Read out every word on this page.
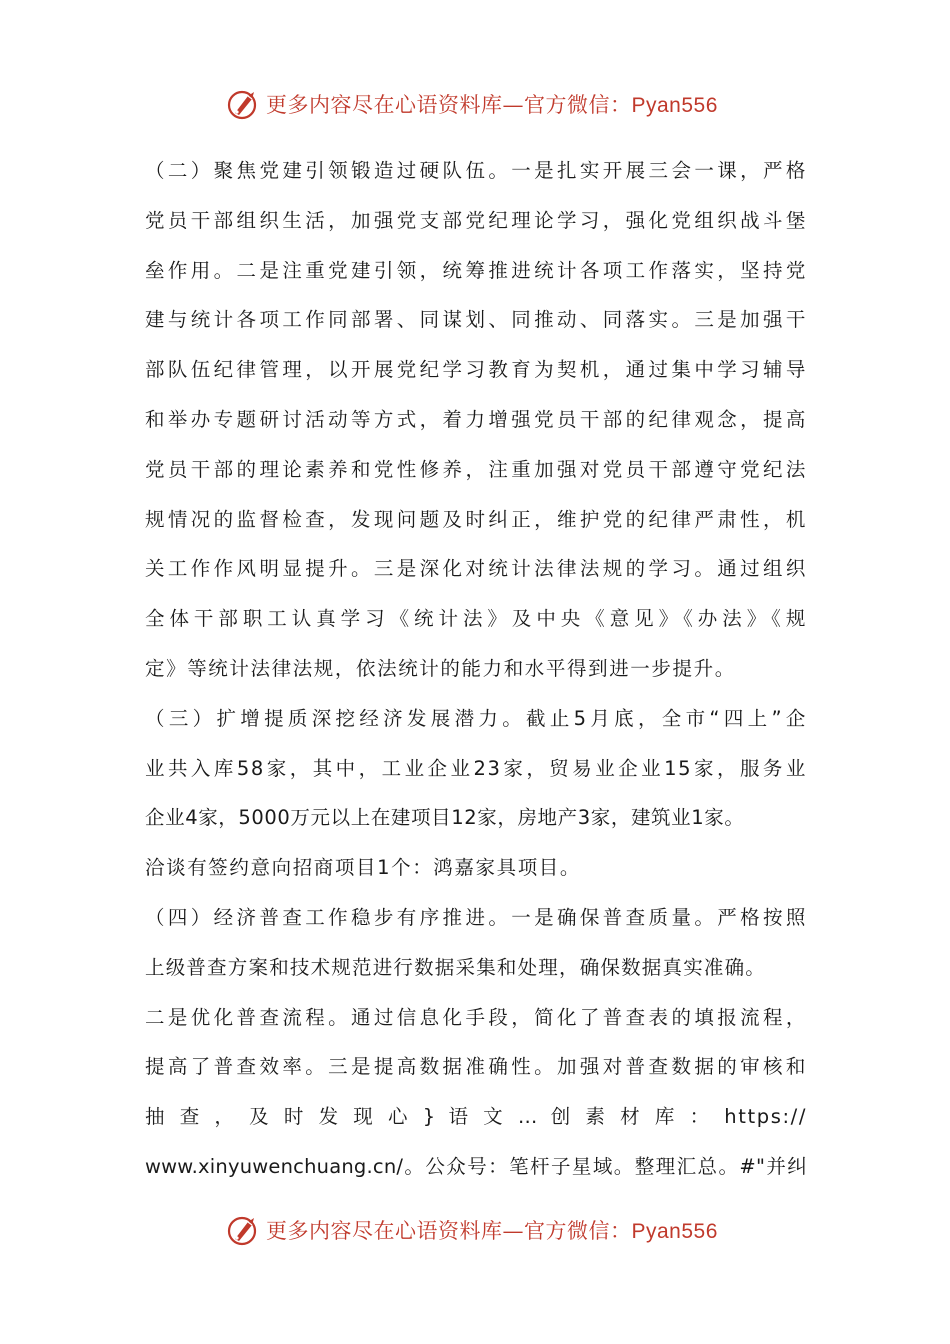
更多内容尽在心语资料库—官方微信：Pyan556
（二）聚焦党建引领锻造过硬队伍。一是扎实开展三会一课，严格
党员干部组织生活，加强党支部党纪理论学习，强化党组织战斗堡
垒作用。二是注重党建引领，统筹推进统计各项工作落实，坚持党
建与统计各项工作同部署、同谋划、同推动、同落实。三是加强干
部队伍纪律管理，以开展党纪学习教育为契机，通过集中学习辅导
和举办专题研讨活动等方式，着力增强党员干部的纪律观念，提高
党员干部的理论素养和党性修养，注重加强对党员干部遵守党纪法
规情况的监督检查，发现问题及时纠正，维护党的纪律严肃性，机
关工作作风明显提升。三是深化对统计法律法规的学习。通过组织
全体干部职工认真学习《统计法》及中央《意见》《办法》《规
定》等统计法律法规，依法统计的能力和水平得到进一步提升。
（三）扩增提质深挖经济发展潜力。截止5月底，全市“四上”企
业共入库58家，其中，工业企业23家，贸易业企业15家，服务业
企业4家，5000万元以上在建项目12家，房地产3家，建筑业1家。
洽谈有签约意向招商项目1个：鸿嘉家具项目。
（四）经济普查工作稳步有序推进。一是确保普查质量。严格按照
上级普查方案和技术规范进行数据采集和处理，确保数据真实准确。
二是优化普查流程。通过信息化手段，简化了普查表的填报流程，
提高了普查效率。三是提高数据准确性。加强对普查数据的审核和
抽 查 ， 及 时 发 现 心 } 语 文 … 创 素 材 库 ： https://
www.xinyuwenchuang.cn/。公众号：笔杆子星域。整理汇总。#"并纠
更多内容尽在心语资料库—官方微信：Pyan556
